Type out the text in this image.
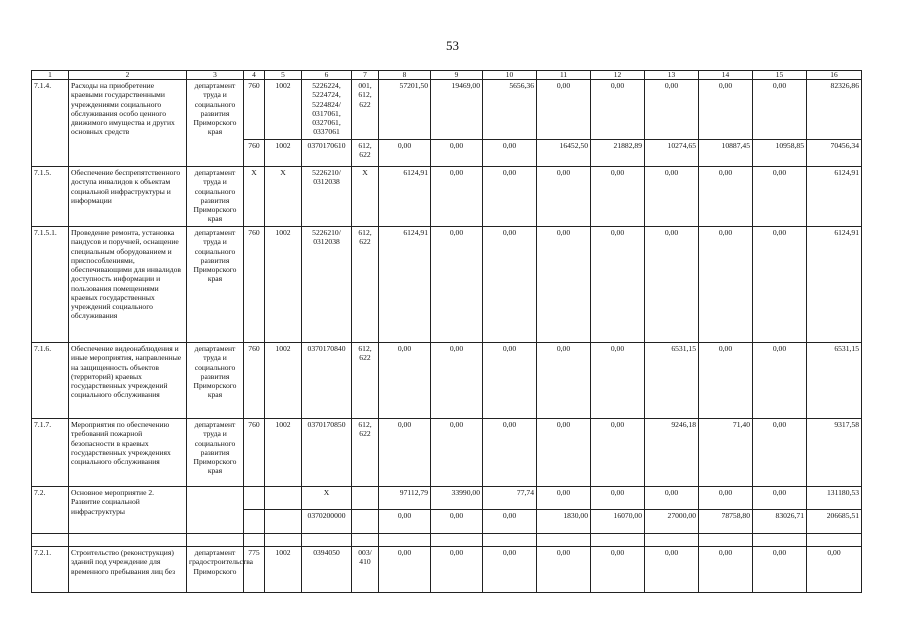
53
1	2	3	4	5	6	7	8	9	10	11	12	13	14	15	16
7.1.4.	Расходы на приобретение краевыми государственными учреждениями социального обслуживания особо ценного движимого имущества и других основных средств	департамент труда и социального развития Приморского края	760	1002	5226224, 5224724, 5224824/ 0317061, 0327061, 0337061	001, 612, 622	57201,50	19469,00	5656,36	0,00	0,00	0,00	0,00	0,00	82326,86
			760	1002	0370170610	612, 622	0,00	0,00	0,00	16452,50	21882,89	10274,65	10887,45	10958,85	70456,34
7.1.5.	Обеспечение беспрепятственного доступа инвалидов к объектам социальной инфраструктуры и информации	департамент труда и социального развития Приморского края	Х	Х	5226210/ 0312038	Х	6124,91	0,00	0,00	0,00	0,00	0,00	0,00	0,00	6124,91
7.1.5.1.	Проведение ремонта, установка пандусов и поручней, оснащение специальным оборудованием и приспособлениями, обеспечивающими для инвалидов доступность информации и пользования помещениями краевых государственных учреждений социального обслуживания	департамент труда и социального развития Приморского края	760	1002	5226210/ 0312038	612, 622	6124,91	0,00	0,00	0,00	0,00	0,00	0,00	0,00	6124,91
7.1.6.	Обеспечение видеонаблюдения и иные мероприятия, направленные на защищенность объектов (территорий) краевых государственных учреждений социального обслуживания	департамент труда и социального развития Приморского края	760	1002	0370170840	612, 622	0,00	0,00	0,00	0,00	0,00	6531,15	0,00	0,00	6531,15
7.1.7.	Мероприятия по обеспечению требований пожарной безопасности в краевых государственных учреждениях социального обслуживания	департамент труда и социального развития Приморского края	760	1002	0370170850	612, 622	0,00	0,00	0,00	0,00	0,00	9246,18	71,40	0,00	9317,58
7.2.	Основное мероприятие 2. Развитие социальной инфраструктуры				Х		97112,79	33990,00	77,74	0,00	0,00	0,00	0,00	0,00	131180,53
					0370200000		0,00	0,00	0,00	1830,00	16070,00	27000,00	78758,80	83026,71	206685,51

7.2.1.	Строительство (реконструкция) зданий под учреждение для временного пребывания лиц без	департамент градостроительства Приморского	775	1002	0394050	003/ 410	0,00	0,00	0,00	0,00	0,00	0,00	0,00	0,00	0,00
